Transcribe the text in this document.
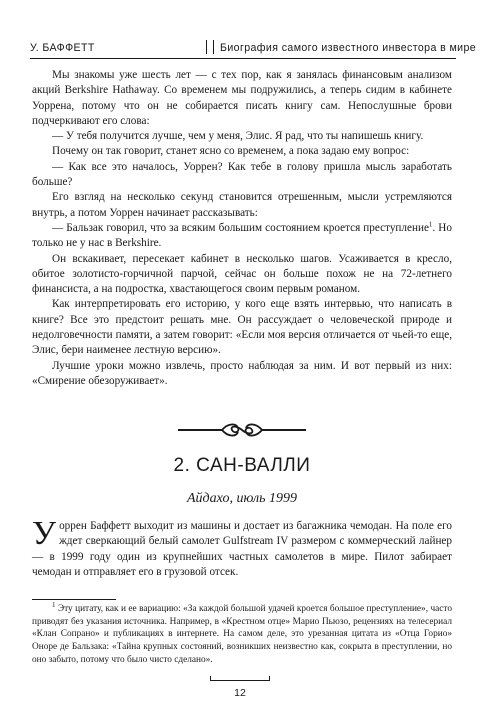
У. БАФФЕТТ	Биография самого известного инвестора в мире

Мы знакомы уже шесть лет — с тех пор, как я занялась финансовым анализом акций Berkshire Hathaway. Со временем мы подружились, а теперь сидим в кабинете Уоррена, потому что он не собирается писать книгу сам. Непослушные брови подчеркивают его слова:

— У тебя получится лучше, чем у меня, Элис. Я рад, что ты напишешь книгу.

Почему он так говорит, станет ясно со временем, а пока задаю ему вопрос:

— Как все это началось, Уоррен? Как тебе в голову пришла мысль заработать больше?

Его взгляд на несколько секунд становится отрешенным, мысли устремляются внутрь, а потом Уоррен начинает рассказывать:

— Бальзак говорил, что за всяким большим состоянием кроется преступление$^1$. Но только не у нас в Berkshire.

Он вскакивает, пересекает кабинет в несколько шагов. Усаживается в кресло, обитое золотисто-горчичной парчой, сейчас он больше похож не на 72-летнего финансиста, а на подростка, хвастающегося своим первым романом.

Как интерпретировать его историю, у кого еще взять интервью, что написать в книге? Все это предстоит решать мне. Он рассуждает о человеческой природе и недолговечности памяти, а затем говорит: «Если моя версия отличается от чьей-то еще, Элис, бери наименее лестную версию».

Лучшие уроки можно извлечь, просто наблюдая за ним. И вот первый из них: «Смирение обезоруживает».

2. САН-ВАЛЛИ
Айдахо, июль 1999
Уоррен Баффетт выходит из машины и достает из багажника чемодан. На поле его ждет сверкающий белый самолет Gulfstream IV размером с коммерческий лайнер — в 1999 году один из крупнейших частных самолетов в мире. Пилот забирает чемодан и отправляет его в грузовой отсек.

$^1$ Эту цитату, как и ее вариацию: «За каждой большой удачей кроется большое преступление», часто приводят без указания источника. Например, в «Крестном отце» Марио Пьюзо, рецензиях на телесериал «Клан Сопрано» и публикациях в интернете. На самом деле, это урезанная цитата из «Отца Горио» Оноре де Бальзака: «Тайна крупных состояний, возникших неизвестно как, сокрыта в преступлении, но оно забыто, потому что было чисто сделано».

12
